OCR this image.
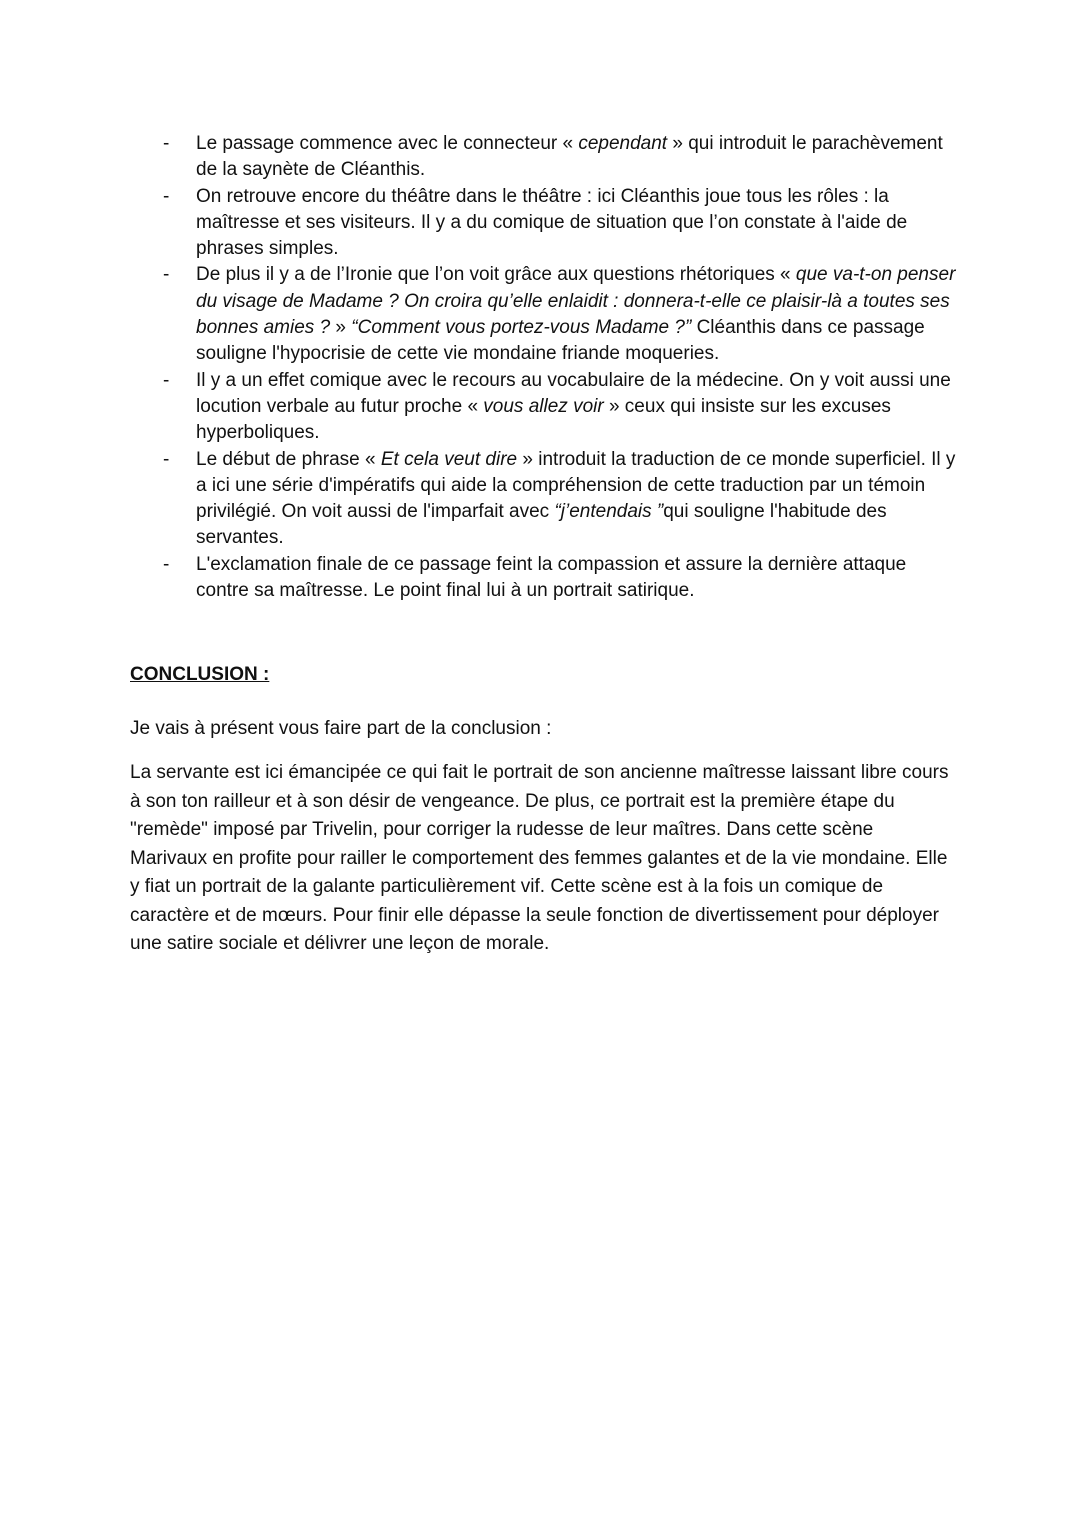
- Le passage commence avec le connecteur « cependant » qui introduit le parachèvement de la saynète de Cléanthis.
- On retrouve encore du théâtre dans le théâtre : ici Cléanthis joue tous les rôles : la maîtresse et ses visiteurs. Il y a du comique de situation que l’on constate à l'aide de phrases simples.
- De plus il y a de l’Ironie que l’on voit grâce aux questions rhétoriques « que va-t-on penser du visage de Madame ? On croira qu’elle enlaidit : donnera-t-elle ce plaisir-là a toutes ses bonnes amies ? » “Comment vous portez-vous Madame ?” Cléanthis dans ce passage souligne l'hypocrisie de cette vie mondaine friande moqueries.
- Il y a un effet comique avec le recours au vocabulaire de la médecine. On y voit aussi une locution verbale au futur proche « vous allez voir » ceux qui insiste sur les excuses hyperboliques.
- Le début de phrase « Et cela veut dire » introduit la traduction de ce monde superficiel. Il y a ici une série d'impératifs qui aide la compréhension de cette traduction par un témoin privilégié. On voit aussi de l'imparfait avec “j’entendais ”qui souligne l'habitude des servantes.
- L'exclamation finale de ce passage feint la compassion et assure la dernière attaque contre sa maîtresse. Le point final lui à un portrait satirique.
CONCLUSION :

Je vais à présent vous faire part de la conclusion :

La servante est ici émancipée ce qui fait le portrait de son ancienne maîtresse laissant libre cours à son ton railleur et à son désir de vengeance. De plus, ce portrait est la première étape du "remède" imposé par Trivelin, pour corriger la rudesse de leur maîtres. Dans cette scène Marivaux en profite pour railler le comportement des femmes galantes et de la vie mondaine. Elle y fiat un portrait de la galante particulièrement vif. Cette scène est à la fois un comique de caractère et de mœurs. Pour finir elle dépasse la seule fonction de divertissement pour déployer une satire sociale et délivrer une leçon de morale.
